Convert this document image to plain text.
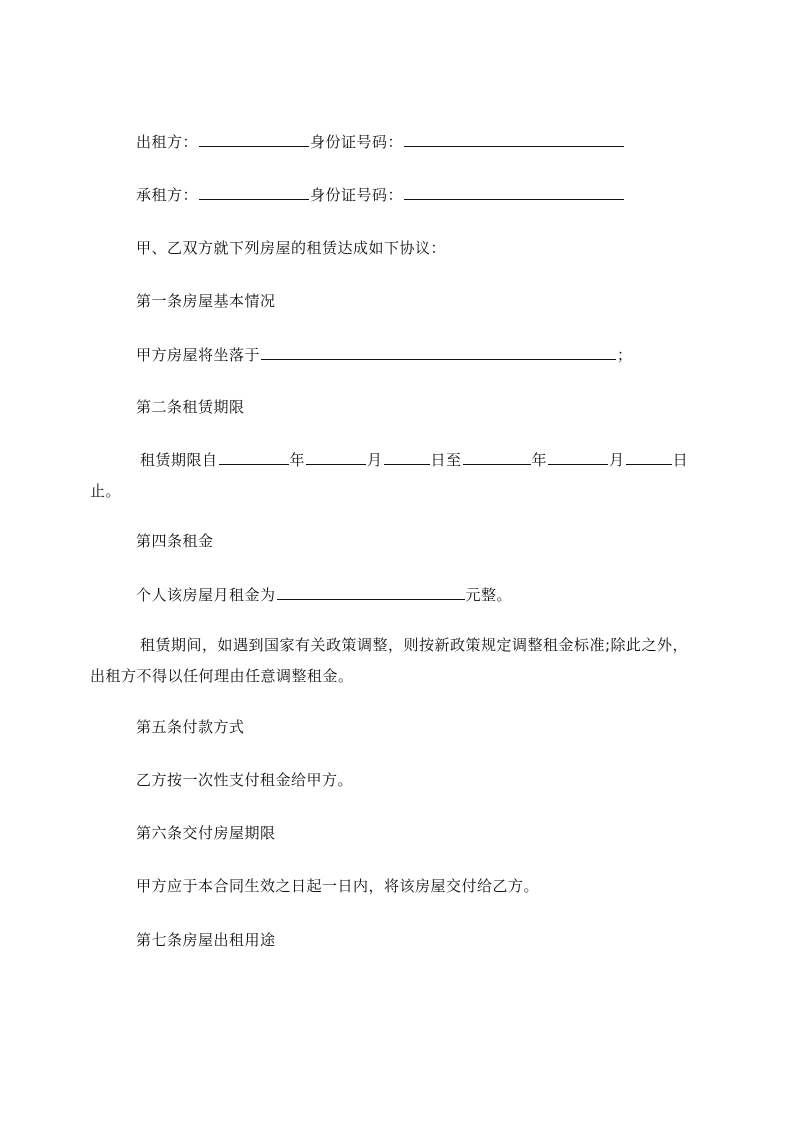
出租方：	身份证号码：
承租方：	身份证号码：
甲、乙双方就下列房屋的租赁达成如下协议：
第一条房屋基本情况
甲方房屋将坐落于	；
第二条租赁期限
租赁期限自	年	月	日至	年	月	日止。
第四条租金
个人该房屋月租金为	元整。
租赁期间，如遇到国家有关政策调整，则按新政策规定调整租金标准;除此之外，出租方不得以任何理由任意调整租金。
第五条付款方式
乙方按一次性支付租金给甲方。
第六条交付房屋期限
甲方应于本合同生效之日起一日内，将该房屋交付给乙方。
第七条房屋出租用途
